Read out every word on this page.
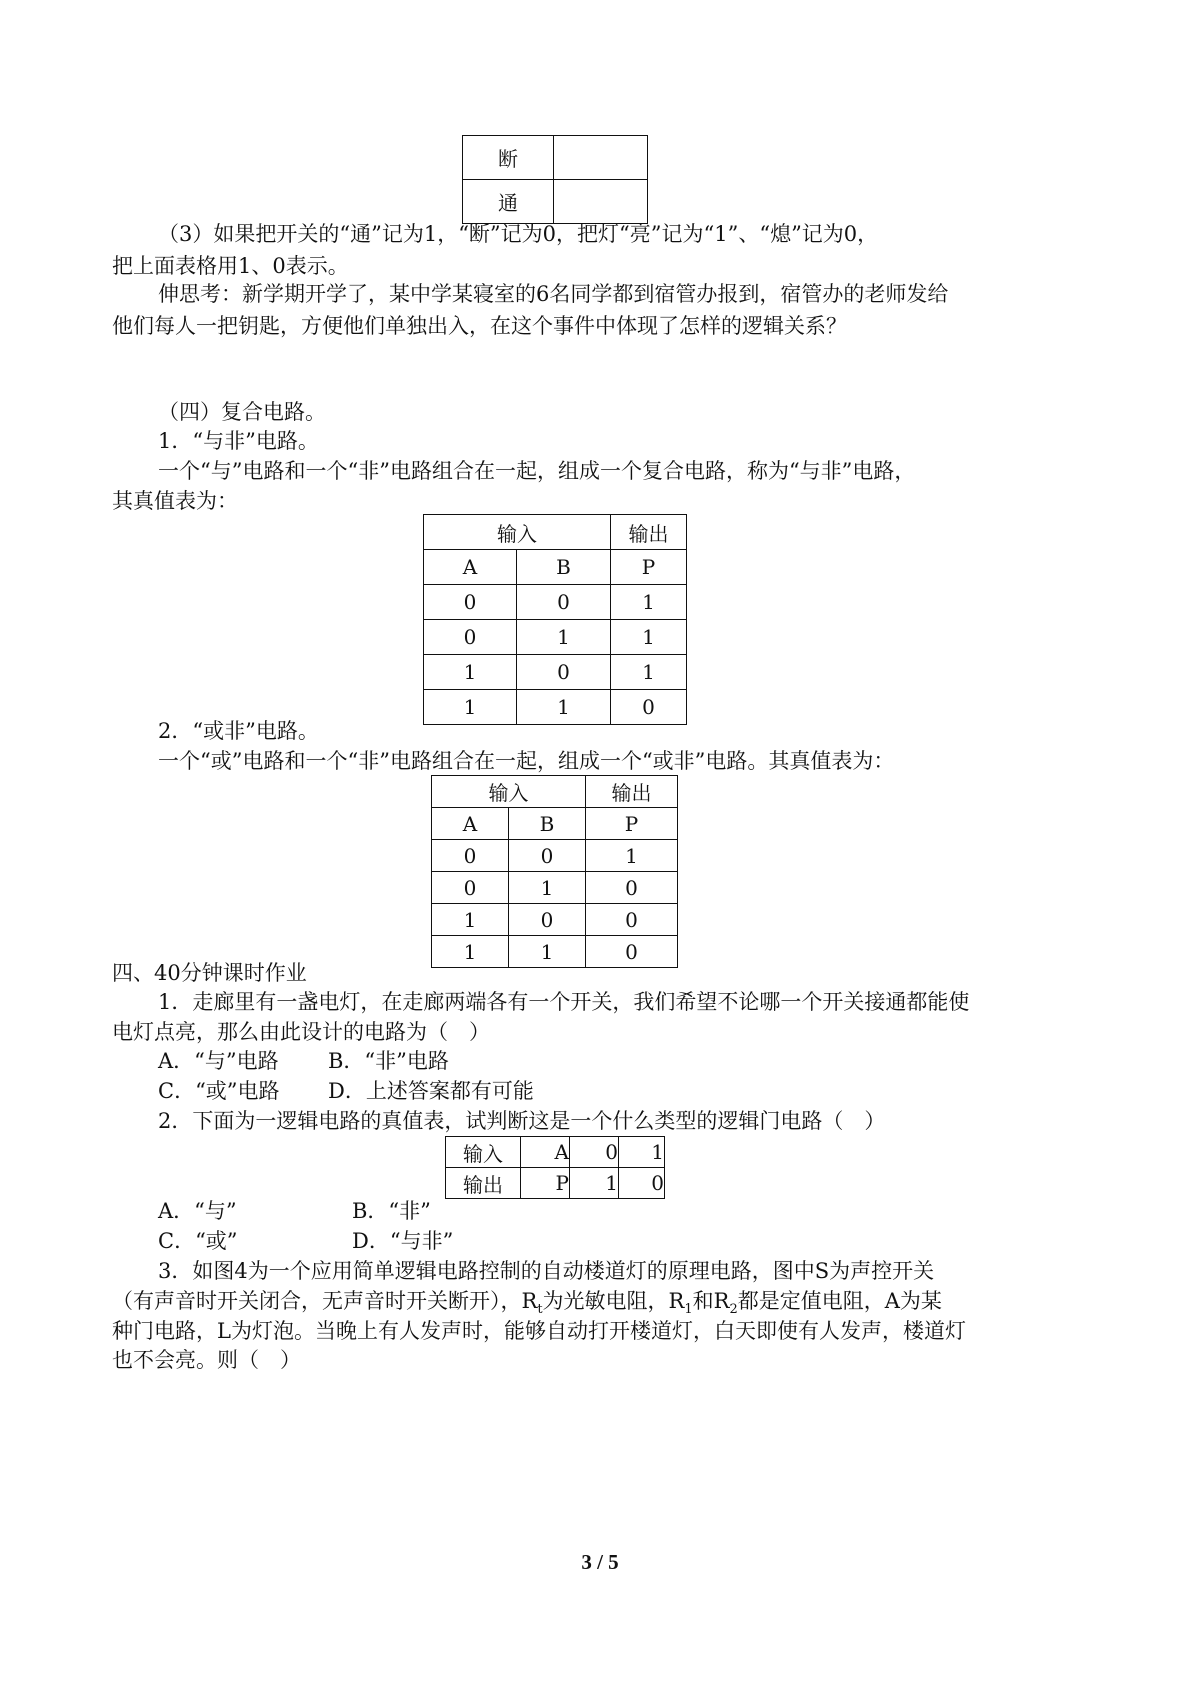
断	
通	
（3）如果把开关的“通”记为1，“断”记为0，把灯“亮”记为“1”、“熄”记为0，
把上面表格用1、0表示。
伸思考：新学期开学了，某中学某寝室的6名同学都到宿管办报到，宿管办的老师发给
他们每人一把钥匙，方便他们单独出入，在这个事件中体现了怎样的逻辑关系？
（四）复合电路。
1．“与非”电路。
一个“与”电路和一个“非”电路组合在一起，组成一个复合电路，称为“与非”电路，
其真值表为：
输入		输出
A	B	P
0	0	1
0	1	1
1	0	1
1	1	0
2．“或非”电路。
一个“或”电路和一个“非”电路组合在一起，组成一个“或非”电路。其真值表为：
输入		输出
A	B	P
0	0	1
0	1	0
1	0	0
1	1	0
四、40分钟课时作业
1．走廊里有一盏电灯，在走廊两端各有一个开关，我们希望不论哪一个开关接通都能使
电灯点亮，那么由此设计的电路为（　）
A．“与”电路	B．“非”电路
C．“或”电路	D．上述答案都有可能
2．下面为一逻辑电路的真值表，试判断这是一个什么类型的逻辑门电路（　）
输入	A	0	1
输出	P	1	0
A．“与”	B．“非”
C．“或”	D．“与非”
3．如图4为一个应用简单逻辑电路控制的自动楼道灯的原理电路，图中S为声控开关
（有声音时开关闭合，无声音时开关断开），$R_t$为光敏电阻，$R_1$和$R_2$都是定值电阻，A为某
种门电路，L为灯泡。当晚上有人发声时，能够自动打开楼道灯，白天即使有人发声，楼道灯
也不会亮。则（　）
3 / 5
